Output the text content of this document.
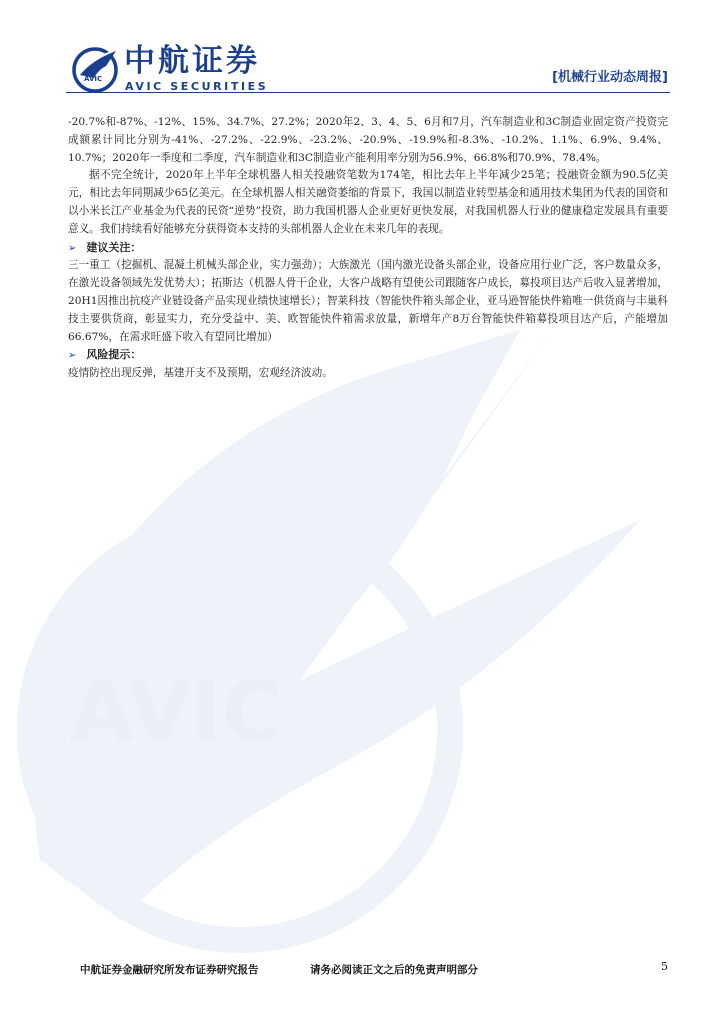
AVIC
AVIC 中航证券
AVIC SECURITIES
[机械行业动态周报]

-20.7%和-87%、-12%、15%、34.7%、27.2%；2020年2、3、4、5、6月和7月，汽车制造业和3C制造业固定资产投资完成额累计同比分别为-41%、-27.2%、-22.9%、-23.2%、-20.9%、-19.9%和-8.3%、-10.2%、1.1%、6.9%、9.4%、10.7%；2020年一季度和二季度，汽车制造业和3C制造业产能利用率分别为56.9%、66.8%和70.9%、78.4%。

据不完全统计，2020年上半年全球机器人相关投融资笔数为174笔，相比去年上半年减少25笔；投融资金额为90.5亿美元，相比去年同期减少65亿美元。在全球机器人相关融资萎缩的背景下，我国以制造业转型基金和通用技术集团为代表的国资和以小米长江产业基金为代表的民资“逆势”投资，助力我国机器人企业更好更快发展，对我国机器人行业的健康稳定发展具有重要意义。我们持续看好能够充分获得资本支持的头部机器人企业在未来几年的表现。

➢ 建议关注：

三一重工（挖掘机、混凝土机械头部企业，实力强劲）；大族激光（国内激光设备头部企业，设备应用行业广泛，客户数量众多，在激光设备领域先发优势大）；拓斯达（机器人骨干企业，大客户战略有望使公司跟随客户成长，募投项目达产后收入显著增加，20H1因推出抗疫产业链设备产品实现业绩快速增长）；智莱科技（智能快件箱头部企业，亚马逊智能快件箱唯一供货商与丰巢科技主要供货商，彰显实力，充分受益中、美、欧智能快件箱需求放量，新增年产8万台智能快件箱募投项目达产后，产能增加66.67%，在需求旺盛下收入有望同比增加）

➢ 风险提示：

疫情防控出现反弹，基建开支不及预期，宏观经济波动。

中航证券金融研究所发布证券研究报告	请务必阅读正文之后的免责声明部分	5
